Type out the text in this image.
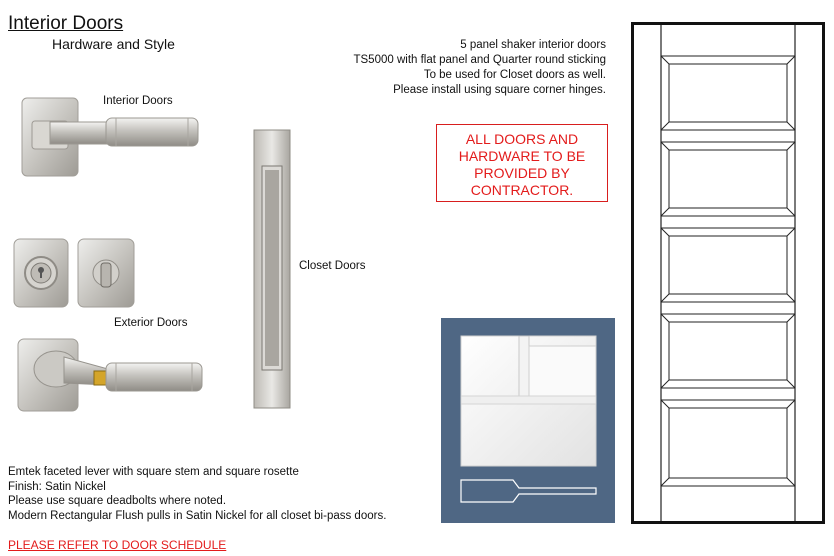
Interior Doors
Hardware and Style
Interior Doors
Exterior Doors
Closet Doors
5 panel shaker interior doors
TS5000 with flat panel and Quarter round sticking
To be used for Closet doors as well.
Please install using square corner hinges.
ALL DOORS AND
HARDWARE TO BE
PROVIDED BY
CONTRACTOR.
Emtek faceted lever with square stem and square rosette
Finish: Satin Nickel
Please use square deadbolts where noted.
Modern Rectangular Flush pulls in Satin Nickel for all closet bi-pass doors.
PLEASE REFER TO DOOR SCHEDULE
